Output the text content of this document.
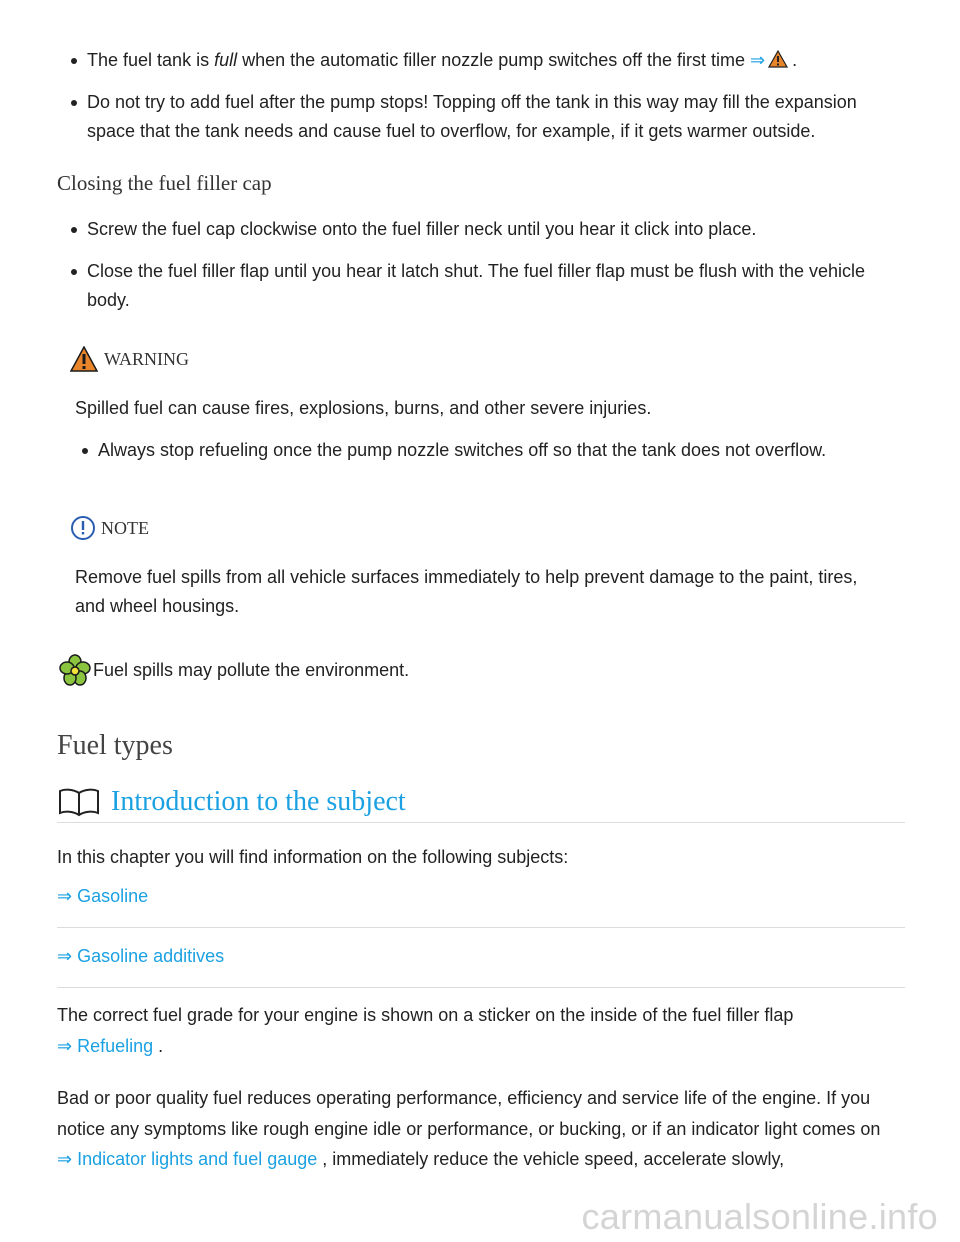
The fuel tank is full when the automatic filler nozzle pump switches off the first time ⇒ .
Do not try to add fuel after the pump stops! Topping off the tank in this way may fill the expansion space that the tank needs and cause fuel to overflow, for example, if it gets warmer outside.
Closing the fuel filler cap
Screw the fuel cap clockwise onto the fuel filler neck until you hear it click into place.
Close the fuel filler flap until you hear it latch shut. The fuel filler flap must be flush with the vehicle body.
WARNING
Spilled fuel can cause fires, explosions, burns, and other severe injuries.
Always stop refueling once the pump nozzle switches off so that the tank does not overflow.
NOTE
Remove fuel spills from all vehicle surfaces immediately to help prevent damage to the paint, tires, and wheel housings.
Fuel spills may pollute the environment.
Fuel types
Introduction to the subject
In this chapter you will find information on the following subjects:
⇒ Gasoline
⇒ Gasoline additives
The correct fuel grade for your engine is shown on a sticker on the inside of the fuel filler flap
⇒ Refueling .
Bad or poor quality fuel reduces operating performance, efficiency and service life of the engine. If you notice any symptoms like rough engine idle or performance, or bucking, or if an indicator light comes on ⇒ Indicator lights and fuel gauge , immediately reduce the vehicle speed, accelerate slowly,
carmanualsonline.info
